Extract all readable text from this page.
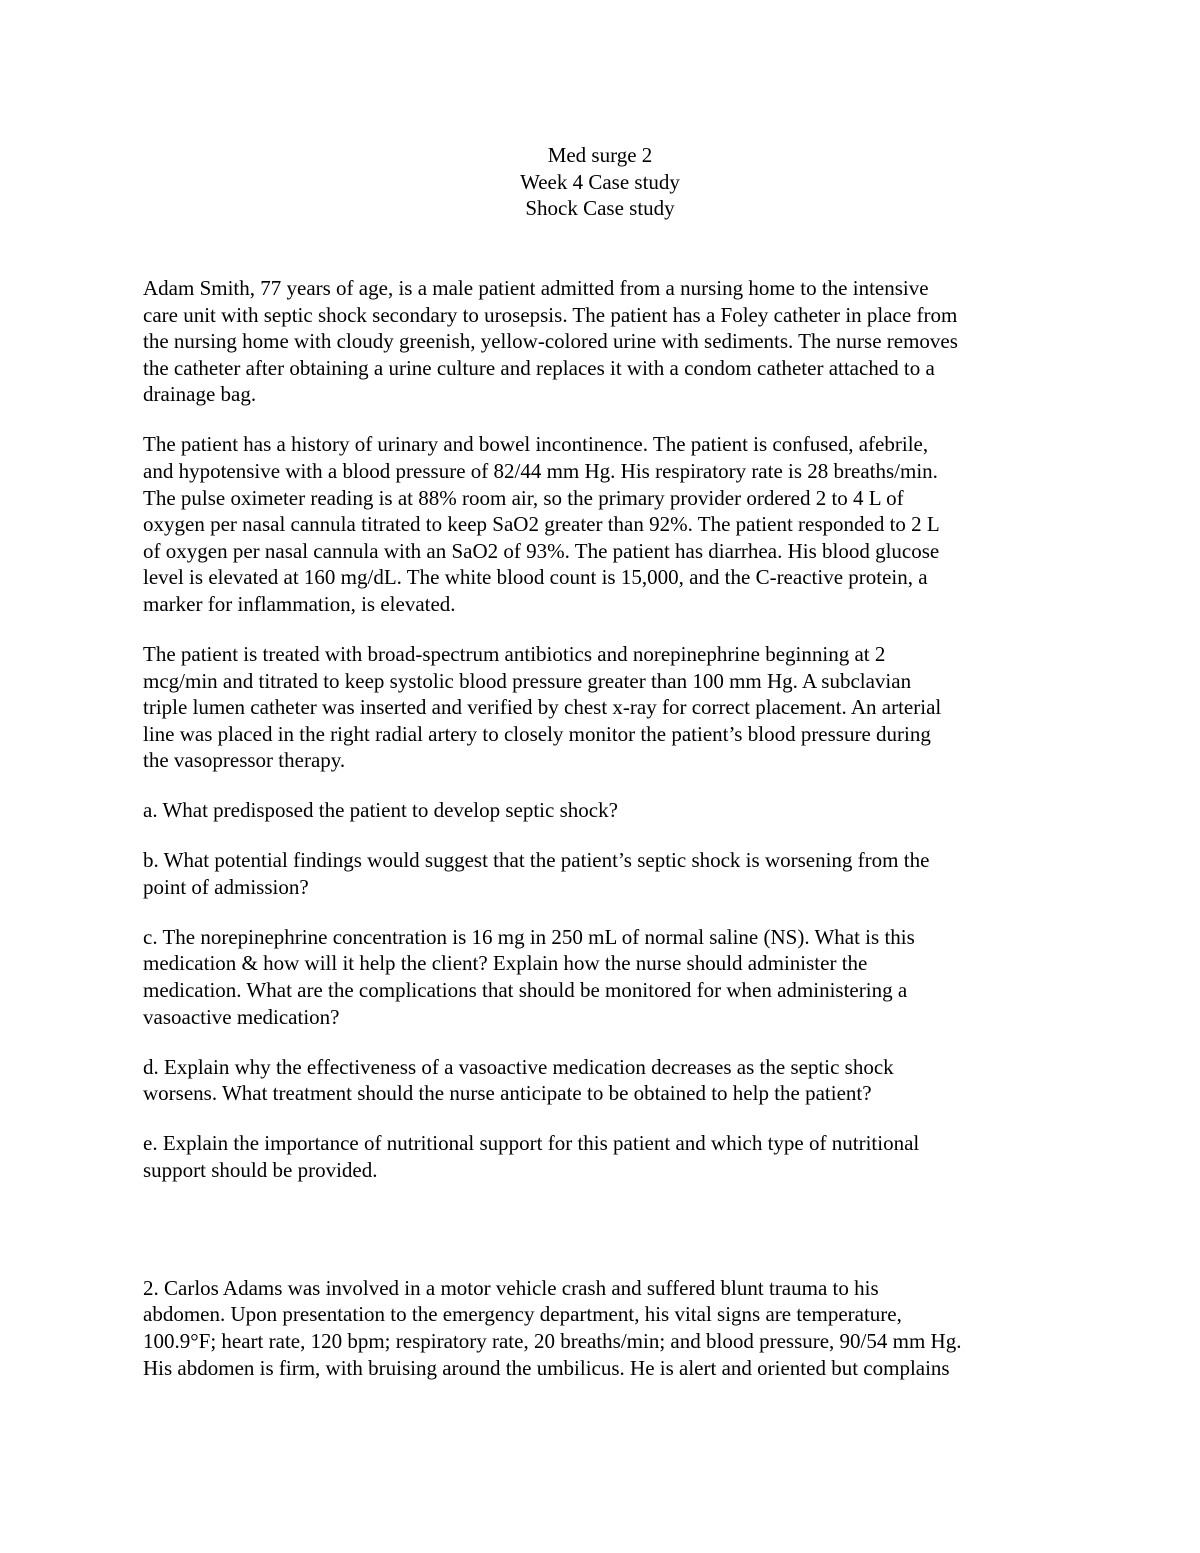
Med surge 2
Week 4 Case study
Shock Case study
Adam Smith, 77 years of age, is a male patient admitted from a nursing home to the intensive
care unit with septic shock secondary to urosepsis. The patient has a Foley catheter in place from
the nursing home with cloudy greenish, yellow-colored urine with sediments. The nurse removes
the catheter after obtaining a urine culture and replaces it with a condom catheter attached to a
drainage bag.
The patient has a history of urinary and bowel incontinence. The patient is confused, afebrile,
and hypotensive with a blood pressure of 82/44 mm Hg. His respiratory rate is 28 breaths/min.
The pulse oximeter reading is at 88% room air, so the primary provider ordered 2 to 4 L of
oxygen per nasal cannula titrated to keep SaO2 greater than 92%. The patient responded to 2 L
of oxygen per nasal cannula with an SaO2 of 93%. The patient has diarrhea. His blood glucose
level is elevated at 160 mg/dL. The white blood count is 15,000, and the C-reactive protein, a
marker for inflammation, is elevated.
The patient is treated with broad-spectrum antibiotics and norepinephrine beginning at 2
mcg/min and titrated to keep systolic blood pressure greater than 100 mm Hg. A subclavian
triple lumen catheter was inserted and verified by chest x-ray for correct placement. An arterial
line was placed in the right radial artery to closely monitor the patient’s blood pressure during
the vasopressor therapy.
a. What predisposed the patient to develop septic shock?
b. What potential findings would suggest that the patient’s septic shock is worsening from the
point of admission?
c. The norepinephrine concentration is 16 mg in 250 mL of normal saline (NS). What is this
medication & how will it help the client? Explain how the nurse should administer the
medication. What are the complications that should be monitored for when administering a
vasoactive medication?
d. Explain why the effectiveness of a vasoactive medication decreases as the septic shock
worsens. What treatment should the nurse anticipate to be obtained to help the patient?
e. Explain the importance of nutritional support for this patient and which type of nutritional
support should be provided.
2. Carlos Adams was involved in a motor vehicle crash and suffered blunt trauma to his
abdomen. Upon presentation to the emergency department, his vital signs are temperature,
100.9°F; heart rate, 120 bpm; respiratory rate, 20 breaths/min; and blood pressure, 90/54 mm Hg.
His abdomen is firm, with bruising around the umbilicus. He is alert and oriented but complains
